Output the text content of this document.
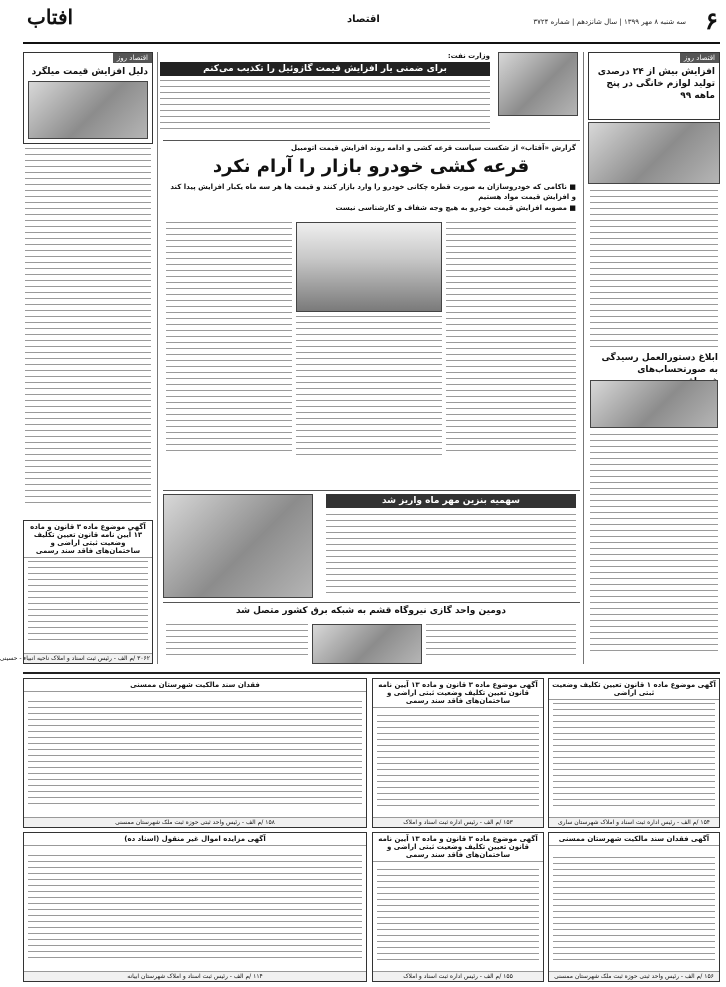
۶
سه شنبه ۸ مهر ۱۳۹۹ | سال شانزدهم | شماره ۳۷۲۴
اقتصاد
افتاب
اقتصاد روز
افزایش بیش از ۲۴ درصدی تولید لوازم خانگی در پنج ماهه ۹۹
ابلاغ دستورالعمل رسیدگی به صورتحساب‌های
وزارت نفت:
برای ضمنی یار افزایش قیمت گازوئیل را تکذیب می‌کنم
اقتصاد روز
دلیل افزایش قیمت میلگرد
گزارش «آفتاب» از شکست سیاست قرعه کشی و ادامه روند افزایش قیمت اتومبیل
قرعه کشی خودرو بازار را آرام نکرد
■ ناکامی که خودروسازان به صورت قطره چکانی خودرو را وارد بازار کنند و قیمت ها هر سه ماه یکبار افزایش پیدا کند و افزایش قیمت مواد هستیم
■ مصوبه افزایش قیمت خودرو به هیچ وجه شفاف و کارشناسی نیست
سهمیه بنزین مهر ماه واریز شد
دومین واحد گازی نیروگاه قشم به شبکه برق کشور متصل شد
آگهی موضوع ماده ۳ قانون و ماده ۱۳ آیین نامه قانون تعیین تکلیف وضعیت ثبتی اراضی و ساختمان‌های فاقد سند رسمی
۳۰۶۲ /م الف - رئیس ثبت اسناد و املاک ناحیه انبیاء - حسینی
آگهی موضوع ماده ۱ قانون تعیین تکلیف وضعیت ثبتی اراضی
۱۵۴ /م الف - رئیس اداره ثبت اسناد و املاک شهرستان ساری
آگهی موضوع ماده ۳ قانون و ماده ۱۳ آیین نامه قانون تعیین تکلیف وضعیت ثبتی اراضی و ساختمان‌های فاقد سند رسمی
۱۵۳ /م الف - رئیس اداره ثبت اسناد و املاک
آگهی موضوع ماده ۳ قانون و ماده ۱۳ آیین نامه قانون تعیین تکلیف وضعیت ثبتی اراضی و ساختمان‌های فاقد سند رسمی
۱۵۵ /م الف - رئیس اداره ثبت اسناد و املاک
فقدان سند مالکیت شهرستان ممسنی
۱۵۸ /م الف - رئیس واحد ثبتی حوزه ثبت ملک شهرستان ممسنی
آگهی مزایده اموال غیر منقول (اسناد ده)
۱۱۴ /م الف - رئیس ثبت اسناد و املاک شهرستان ابیانه
آگهی فقدان سند مالکیت شهرستان ممسنی
۱۵۶ /م الف - رئیس واحد ثبتی حوزه ثبت ملک شهرستان ممسنی
